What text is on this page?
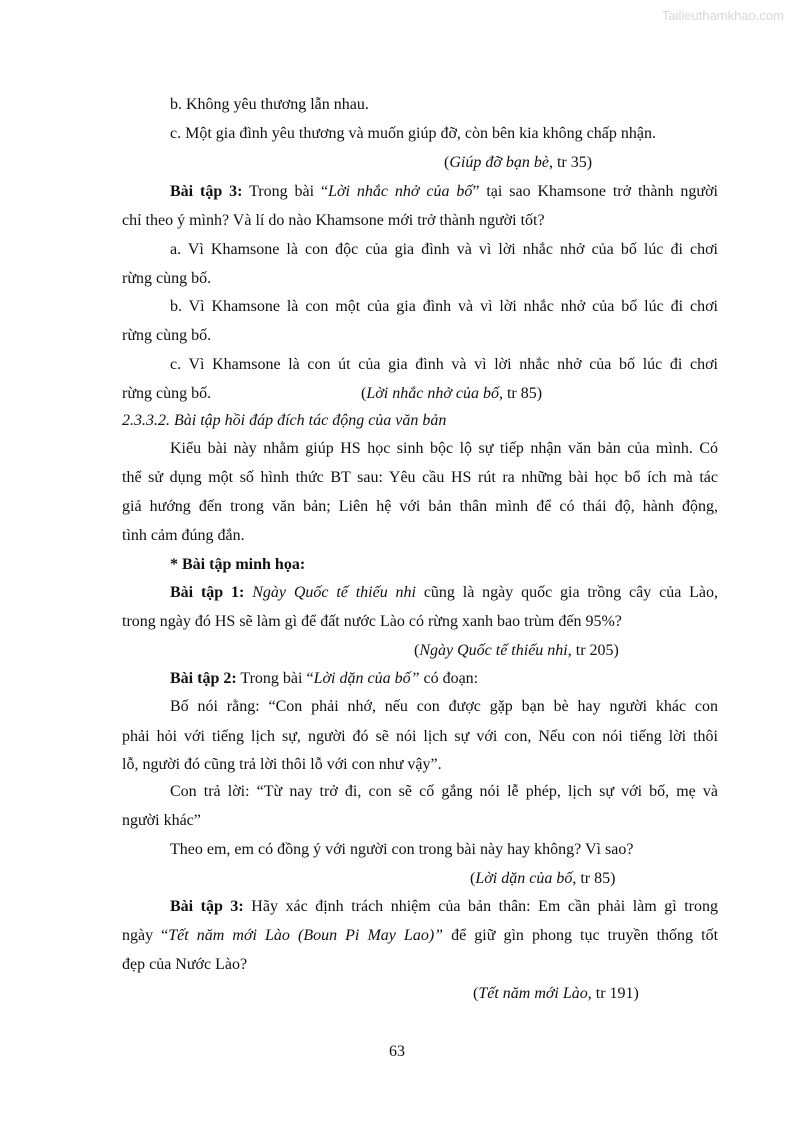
Tailieuthamkhao.com
b. Không yêu thương lẫn nhau.
c. Một gia đình yêu thương và muốn giúp đỡ, còn bên kia không chấp nhận.
(Giúp đỡ bạn bè, tr 35)
Bài tập 3: Trong bài “Lời nhắc nhở của bố” tại sao Khamsone trở thành người
chỉ theo ý mình? Và lí do nào Khamsone mới trở thành người tốt?
a. Vì Khamsone là con độc của gia đình và vì lời nhắc nhở của bố lúc đi chơi
rừng cùng bố.
b. Vì Khamsone là con một của gia đình và vì lời nhắc nhở của bố lúc đi chơi
rừng cùng bố.
c. Vì Khamsone là con út của gia đình và vì lời nhắc nhở của bố lúc đi chơi
rừng cùng bố.	(Lời nhắc nhở của bố, tr 85)
2.3.3.2. Bài tập hồi đáp đích tác động của văn bản
Kiểu bài này nhằm giúp HS học sinh bộc lộ sự tiếp nhận văn bản của mình. Có
thể sử dụng một số hình thức BT sau: Yêu cầu HS rút ra những bài học bổ ích mà tác
giả hướng đến trong văn bản; Liên hệ với bản thân mình để có thái độ, hành động,
tình cảm đúng đắn.
* Bài tập minh họa:
Bài tập 1: Ngày Quốc tế thiếu nhi cũng là ngày quốc gia trồng cây của Lào,
trong ngày đó HS sẽ làm gì để đất nước Lào có rừng xanh bao trùm đến 95%?
(Ngày Quốc tế thiếu nhi, tr 205)
Bài tập 2: Trong bài “Lời dặn của bố” có đoạn:
Bố nói rằng: “Con phải nhớ, nếu con được gặp bạn bè hay người khác con
phải hỏi với tiếng lịch sự, người đó sẽ nói lịch sự với con, Nếu con nói tiếng lời thôi
lỗ, người đó cũng trả lời thôi lỗ với con như vậy”.
Con trả lời: “Từ nay trở đi, con sẽ cố gắng nói lễ phép, lịch sự với bố, mẹ và
người khác”
Theo em, em có đồng ý với người con trong bài này hay không? Vì sao?
(Lời dặn của bố, tr 85)
Bài tập 3: Hãy xác định trách nhiệm của bản thân: Em cần phải làm gì trong
ngày “Tết năm mới Lào (Boun Pi May Lao)” để giữ gìn phong tục truyền thống tốt
đẹp của Nước Lào?
(Tết năm mới Lào, tr 191)
63
